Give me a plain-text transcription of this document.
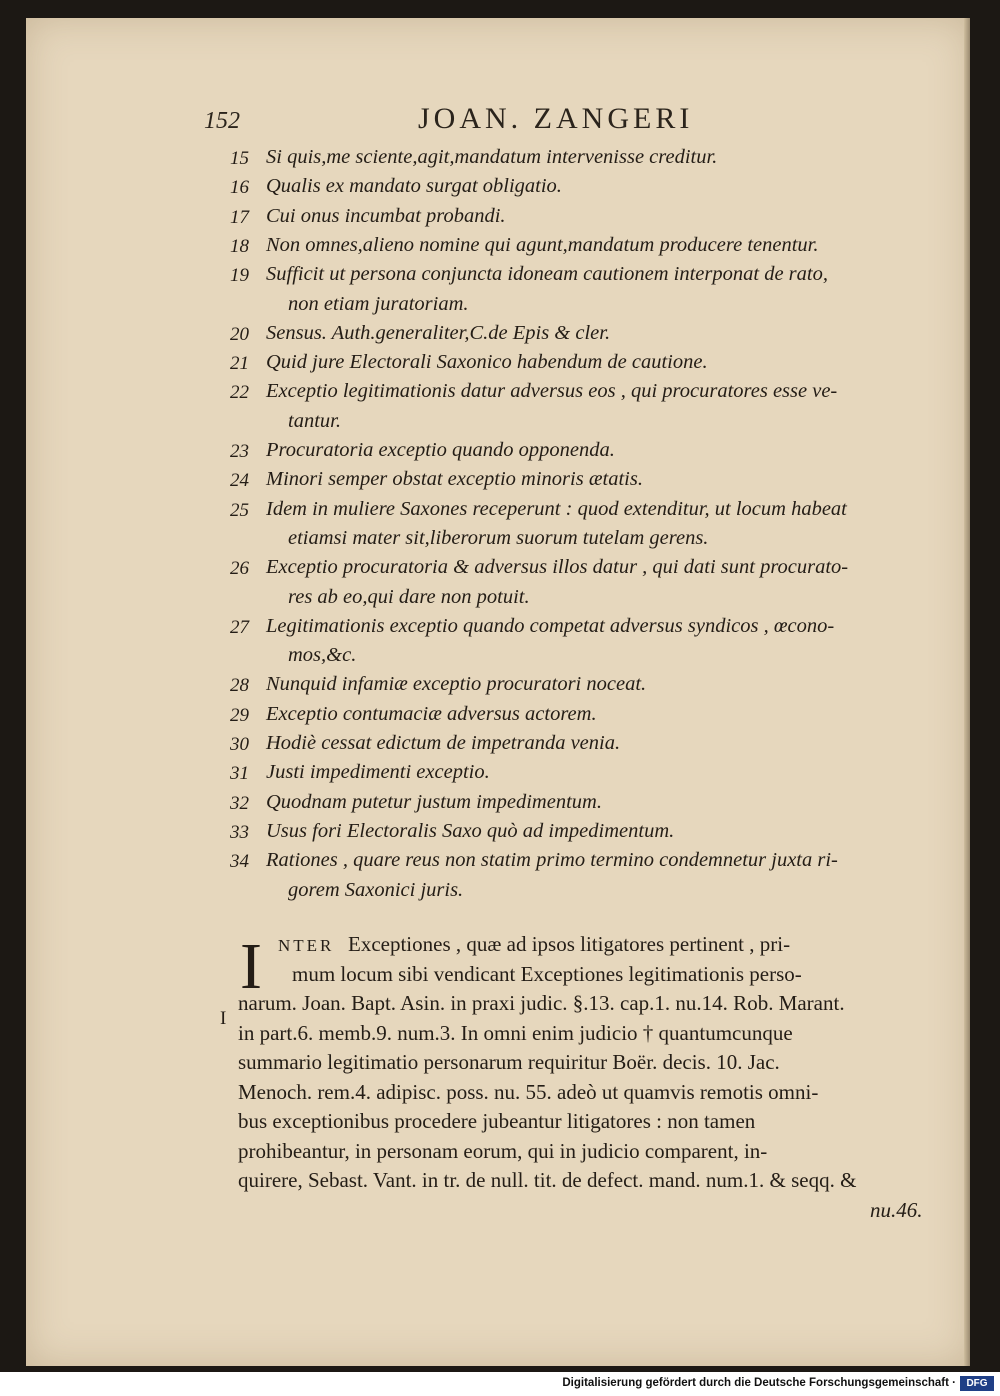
152	JOAN. ZANGERI
15 Si quis,me sciente,agit,mandatum intervenisse creditur.
16 Qualis ex mandato surgat obligatio.
17 Cui onus incumbat probandi.
18 Non omnes,alieno nomine qui agunt,mandatum producere tenentur.
19 Sufficit ut persona conjuncta idoneam cautionem interponat de rato,
non etiam juratoriam.
20 Sensus. Auth.generaliter,C.de Epis & cler.
21 Quid jure Electorali Saxonico habendum de cautione.
22 Exceptio legitimationis datur adversus eos , qui procuratores esse ve-
tantur.
23 Procuratoria exceptio quando opponenda.
24 Minori semper obstat exceptio minoris ætatis.
25 Idem in muliere Saxones receperunt : quod extenditur, ut locum habeat
etiamsi mater sit,liberorum suorum tutelam gerens.
26 Exceptio procuratoria & adversus illos datur , qui dati sunt procurato-
res ab eo,qui dare non potuit.
27 Legitimationis exceptio quando competat adversus syndicos , œcono-
mos,&c.
28 Nunquid infamiæ exceptio procuratori noceat.
29 Exceptio contumaciæ adversus actorem.
30 Hodiè cessat edictum de impetranda venia.
31 Justi impedimenti exceptio.
32 Quodnam putetur justum impedimentum.
33 Usus fori Electoralis Saxo quò ad impedimentum.
34 Rationes , quare reus non statim primo termino condemnetur juxta ri-
gorem Saxonici juris.
I
I
NTER Exceptiones , quæ ad ipsos litigatores pertinent , pri-
mum locum sibi vendicant Exceptiones legitimationis perso-
narum. Joan. Bapt. Asin. in praxi judic. §.13. cap.1. nu.14. Rob. Marant.
in part.6. memb.9. num.3. In omni enim judicio † quantumcunque
summario legitimatio personarum requiritur Boër. decis. 10. Jac.
Menoch. rem.4. adipisc. poss. nu. 55. adeò ut quamvis remotis omni-
bus exceptionibus procedere jubeantur litigatores : non tamen
prohibeantur, in personam eorum, qui in judicio comparent, in-
quirere, Sebast. Vant. in tr. de null. tit. de defect. mand. num.1. & seqq. &
nu.46.
Digitalisierung gefördert durch die Deutsche Forschungsgemeinschaft ·	DFG
